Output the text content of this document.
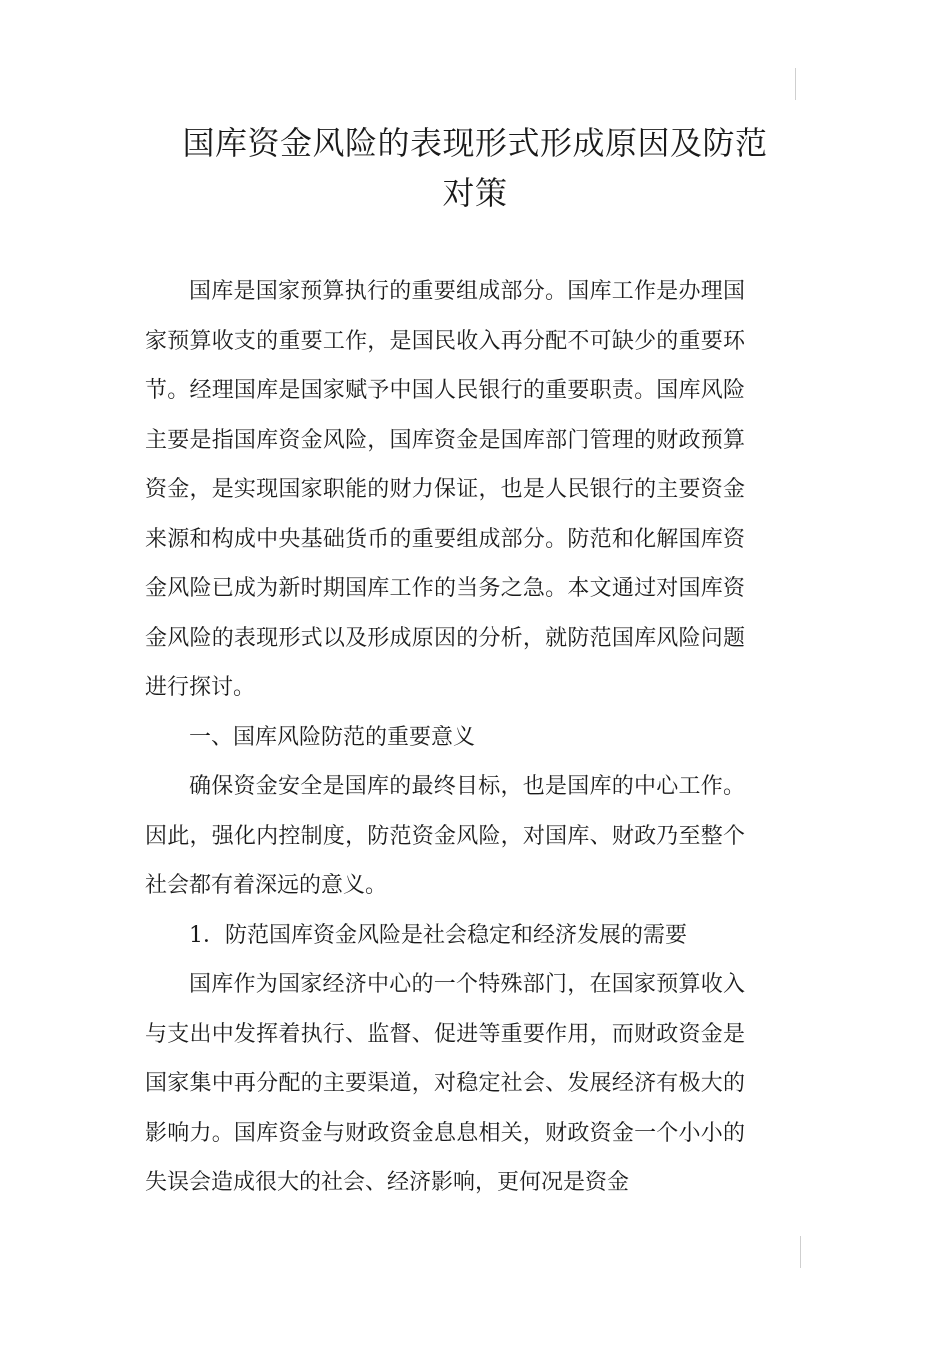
国库资金风险的表现形式形成原因及防范
对策

国库是国家预算执行的重要组成部分。国库工作是办理国家预算收支的重要工作，是国民收入再分配不可缺少的重要环节。经理国库是国家赋予中国人民银行的重要职责。国库风险主要是指国库资金风险，国库资金是国库部门管理的财政预算资金，是实现国家职能的财力保证，也是人民银行的主要资金来源和构成中央基础货币的重要组成部分。防范和化解国库资金风险已成为新时期国库工作的当务之急。本文通过对国库资金风险的表现形式以及形成原因的分析，就防范国库风险问题进行探讨。

一、国库风险防范的重要意义

确保资金安全是国库的最终目标，也是国库的中心工作。因此，强化内控制度，防范资金风险，对国库、财政乃至整个社会都有着深远的意义。

1．防范国库资金风险是社会稳定和经济发展的需要

国库作为国家经济中心的一个特殊部门，在国家预算收入与支出中发挥着执行、监督、促进等重要作用，而财政资金是国家集中再分配的主要渠道，对稳定社会、发展经济有极大的影响力。国库资金与财政资金息息相关，财政资金一个小小的失误会造成很大的社会、经济影响，更何况是资金
